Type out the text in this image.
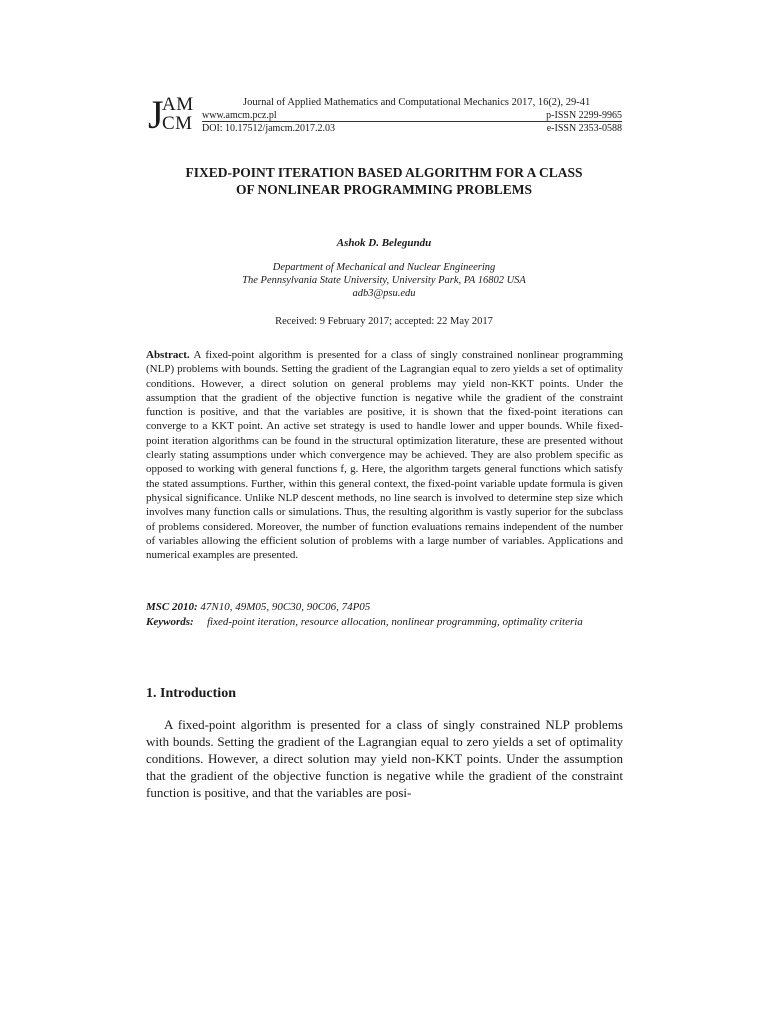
J
AM
CM
Journal of Applied Mathematics and Computational Mechanics 2017, 16(2), 29-41
www.amcm.pcz.pl
DOI: 10.17512/jamcm.2017.2.03
p-ISSN 2299-9965
e-ISSN 2353-0588
FIXED-POINT ITERATION BASED ALGORITHM FOR A CLASS
OF NONLINEAR PROGRAMMING PROBLEMS
Ashok D. Belegundu
Department of Mechanical and Nuclear Engineering
The Pennsylvania State University, University Park, PA 16802 USA
adb3@psu.edu
Received: 9 February 2017; accepted: 22 May 2017

Abstract. A fixed-point algorithm is presented for a class of singly constrained nonlinear programming (NLP) problems with bounds. Setting the gradient of the Lagrangian equal to zero yields a set of optimality conditions. However, a direct solution on general problems may yield non-KKT points. Under the assumption that the gradient of the objective function is negative while the gradient of the constraint function is positive, and that the variables are positive, it is shown that the fixed-point iterations can converge to a KKT point. An active set strategy is used to handle lower and upper bounds. While fixed-point iteration algorithms can be found in the structural optimization literature, these are presented without clearly stating assumptions under which convergence may be achieved. They are also problem specific as opposed to working with general functions f, g. Here, the algorithm targets general functions which satisfy the stated assumptions. Further, within this general context, the fixed-point variable update formula is given physical significance. Unlike NLP descent methods, no line search is involved to determine step size which involves many function calls or simulations. Thus, the resulting algorithm is vastly superior for the subclass of problems considered. Moreover, the number of function evaluations remains independent of the number of variables allowing the efficient solution of problems with a large number of variables. Applications and numerical examples are presented.

MSC 2010: 47N10, 49M05, 90C30, 90C06, 74P05
Keywords: fixed-point iteration, resource allocation, nonlinear programming, optimality criteria
1. Introduction

A fixed-point algorithm is presented for a class of singly constrained NLP problems with bounds. Setting the gradient of the Lagrangian equal to zero yields a set of optimality conditions. However, a direct solution may yield non-KKT points. Under the assumption that the gradient of the objective function is negative while the gradient of the constraint function is positive, and that the variables are posi-
